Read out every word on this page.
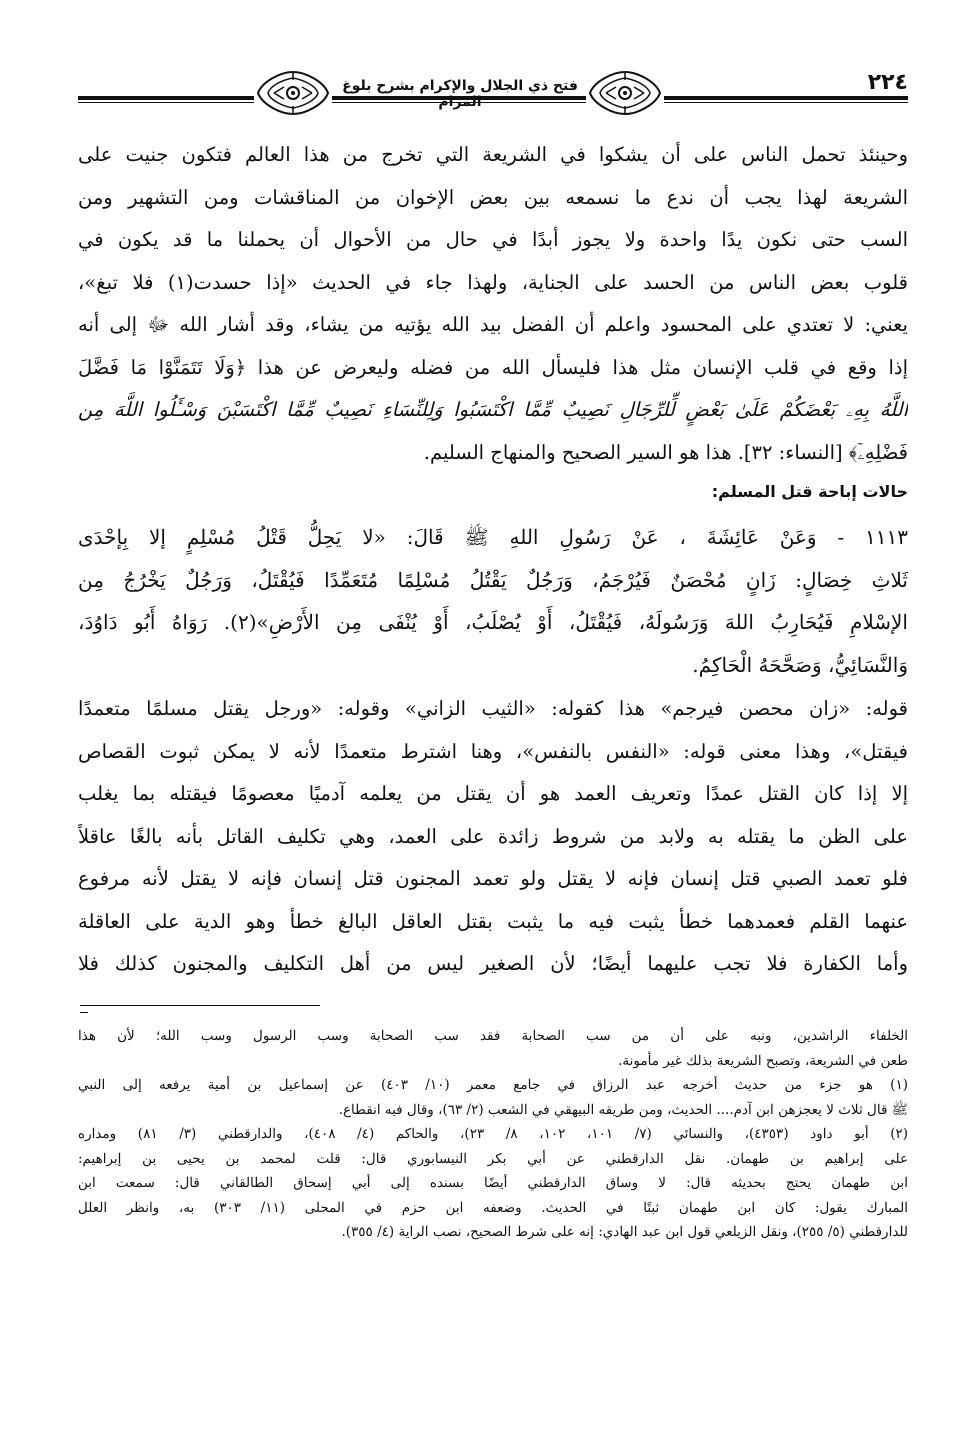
٢٢٤
فتح ذي الجلال والإكرام بشرح بلوغ المرام
وحينئذ تحمل الناس على أن يشكوا في الشريعة التي تخرج من هذا العالم فتكون جنيت على
الشريعة لهذا يجب أن ندع ما نسمعه بين بعض الإخوان من المناقشات ومن التشهير ومن
السب حتى نكون يدًا واحدة ولا يجوز أبدًا في حال من الأحوال أن يحملنا ما قد يكون في
قلوب بعض الناس من الحسد على الجناية، ولهذا جاء في الحديث «إذا حسدت(١) فلا تبغ»،
يعني: لا تعتدي على المحسود واعلم أن الفضل بيد الله يؤتيه من يشاء، وقد أشار الله ﷻ إلى أنه
إذا وقع في قلب الإنسان مثل هذا فليسأل الله من فضله وليعرض عن هذا ﴿وَلَا تَتَمَنَّوْا مَا فَضَّلَ
اللَّهُ بِهِۦ بَعْضَكُمْ عَلَىٰ بَعْضٍ لِّلرِّجَالِ نَصِيبٌ مِّمَّا اكْتَسَبُوا وَلِلنِّسَاءِ نَصِيبٌ مِّمَّا اكْتَسَبْنَ وَسْـَٔلُوا اللَّهَ مِن
فَضْلِهِۦٓ﴾ [النساء: ٣٢]. هذا هو السير الصحيح والمنهاج السليم.
حالات إباحة قتل المسلم:
١١١٣ - وَعَنْ عَائِشَةَ ، عَنْ رَسُولِ اللهِ ﷺ قَالَ: «لا يَحِلُّ قَتْلُ مُسْلِمٍ إلا بِإحْدَى
ثَلاثِ خِصَالٍ: زَانٍ مُحْصَنٌ فَيُرْجَمُ، وَرَجُلٌ يَقْتُلُ مُسْلِمًا مُتَعَمِّدًا فَيُقْتَلُ، وَرَجُلٌ يَخْرُجُ مِن
الإسْلامِ فَيُحَارِبُ اللهَ وَرَسُولَهُ، فَيُقْتَلُ، أَوْ يُصْلَبُ، أَوْ يُنْفَى مِن الأَرْضِ»(٢). رَوَاهُ أَبُو دَاوُدَ،
وَالنَّسَائِيُّ، وَصَحَّحَهُ الْحَاكِمُ.
قوله: «زان محصن فيرجم» هذا كقوله: «الثيب الزاني» وقوله: «ورجل يقتل مسلمًا متعمدًا
فيقتل»، وهذا معنى قوله: «النفس بالنفس»، وهنا اشترط متعمدًا لأنه لا يمكن ثبوت القصاص
إلا إذا كان القتل عمدًا وتعريف العمد هو أن يقتل من يعلمه آدميًا معصومًا فيقتله بما يغلب
على الظن ما يقتله به ولابد من شروط زائدة على العمد، وهي تكليف القاتل بأنه بالغًا عاقلاً
فلو تعمد الصبي قتل إنسان فإنه لا يقتل ولو تعمد المجنون قتل إنسان فإنه لا يقتل لأنه مرفوع
عنهما القلم فعمدهما خطأ يثبت فيه ما يثبت بقتل العاقل البالغ خطأ وهو الدية على العاقلة
وأما الكفارة فلا تجب عليهما أيضًا؛ لأن الصغير ليس من أهل التكليف والمجنون كذلك فلا
الخلفاء الراشدين، ونبه على أن من سب الصحابة فقد سب الصحابة وسب الرسول وسب الله؛ لأن هذا
طعن في الشريعة، وتصبح الشريعة بذلك غير مأمونة.
(١) هو جزء من حديث أخرجه عبد الرزاق في جامع معمر (١٠/ ٤٠٣) عن إسماعيل بن أمية يرفعه إلى النبي
ﷺ قال ثلاث لا يعجزهن ابن آدم.... الحديث، ومن طريقه البيهقي في الشعب (٢/ ٦٣)، وقال فيه انقطاع.
(٢) أبو داود (٤٣٥٣)، والنسائي (٧/ ١٠١، ١٠٢، ٨/ ٢٣)، والحاكم (٤/ ٤٠٨)، والدارقطني (٣/ ٨١) ومداره
على إبراهيم بن طهمان. نقل الدارقطني عن أبي بكر النيسابوري قال: قلت لمحمد بن يحيى بن إبراهيم:
ابن طهمان يحتج بحديثه قال: لا وساق الدارقطني أيضًا بسنده إلى أبي إسحاق الطالقاني قال: سمعت ابن
المبارك يقول: كان ابن طهمان ثبتًا في الحديث. وضعفه ابن حزم في المحلى (١١/ ٣٠٣) به، وانظر العلل
للدارقطني (٥/ ٢٥٥)، ونقل الزيلعي قول ابن عبد الهادي: إنه على شرط الصحيح، نصب الراية (٤/ ٣٥٥).
